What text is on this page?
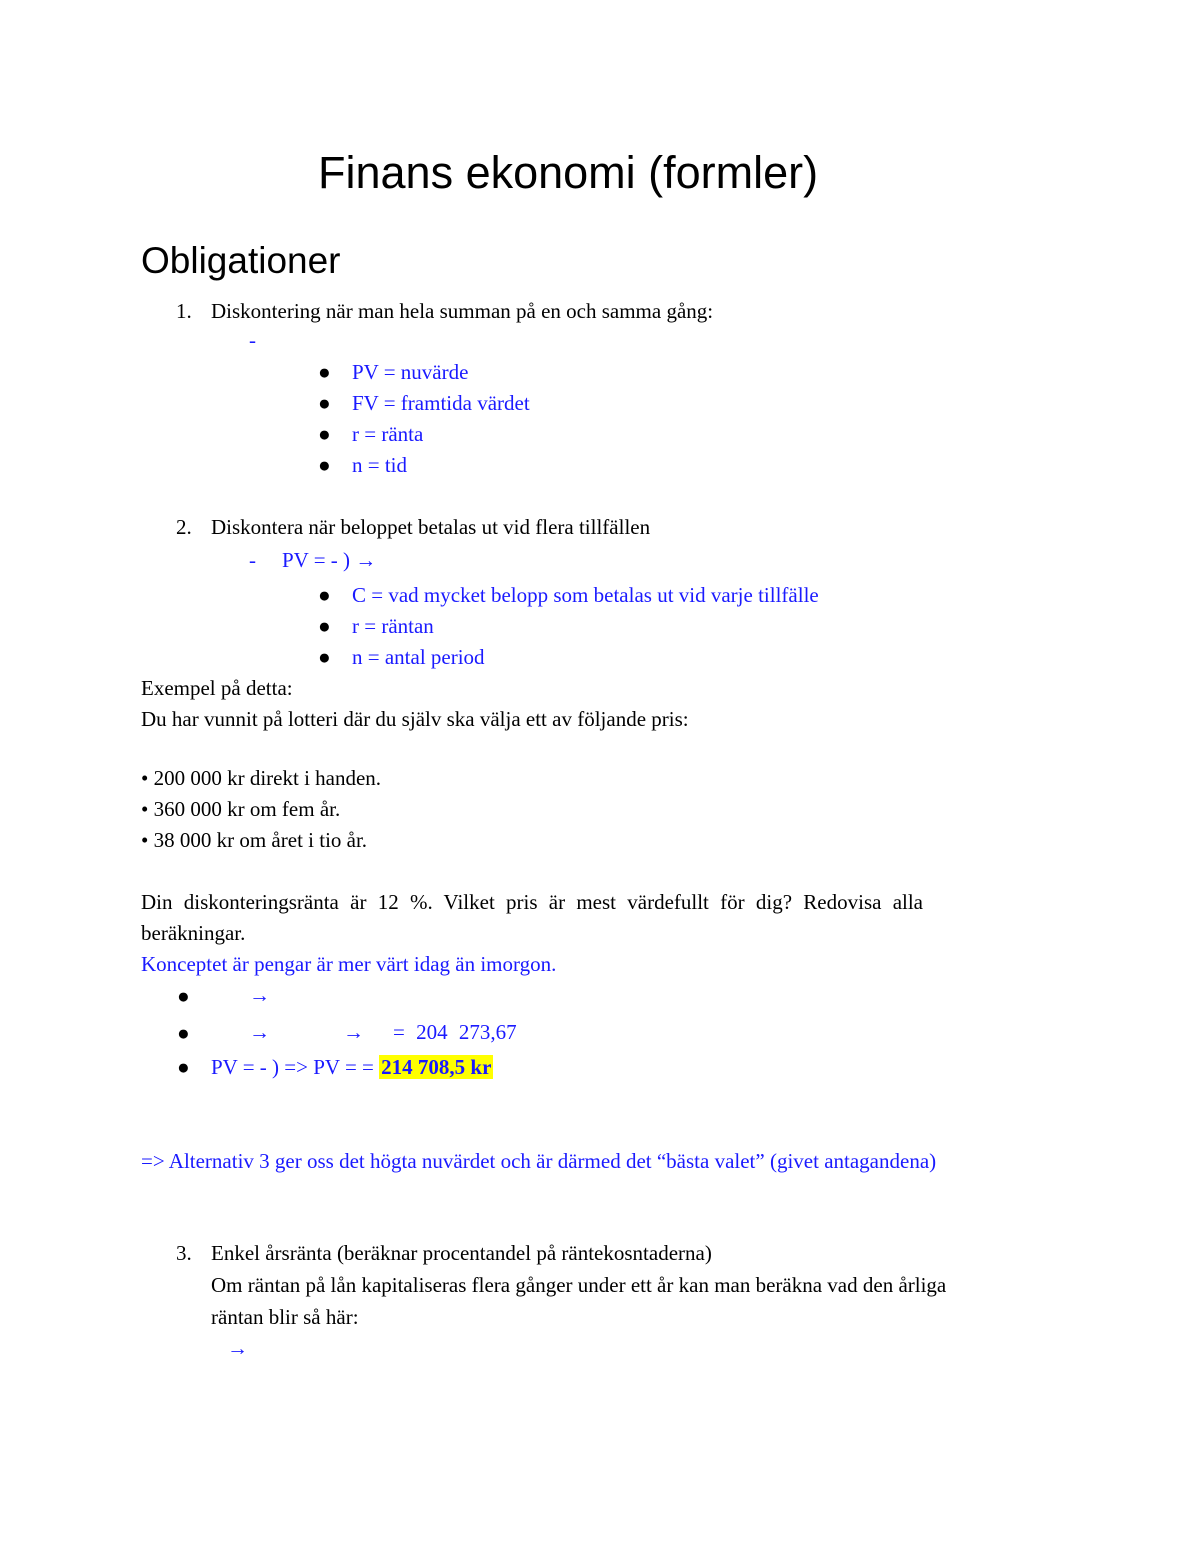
Finans ekonomi (formler)
Obligationer
1. Diskontering när man hela summan på en och samma gång:
-
● PV = nuvärde
● FV = framtida värdet
● r = ränta
● n = tid
2. Diskontera när beloppet betalas ut vid flera tillfällen
- PV = - ) →
● C = vad mycket belopp som betalas ut vid varje tillfälle
● r = räntan
● n = antal period
Exempel på detta:
Du har vunnit på lotteri där du själv ska välja ett av följande pris:
• 200 000 kr direkt i handen.
• 360 000 kr om fem år.
• 38 000 kr om året i tio år.
Din diskonteringsränta är 12 %. Vilket pris är mest värdefullt för dig? Redovisa alla
beräkningar.
Konceptet är pengar är mer värt idag än imorgon.
●	→
●	→	→ = 204 273,67
● PV = - ) => PV = = 214 708,5 kr
=> Alternativ 3 ger oss det högta nuvärdet och är därmed det “bästa valet” (givet antagandena)
3. Enkel årsränta (beräknar procentandel på räntekosntaderna)
Om räntan på lån kapitaliseras flera gånger under ett år kan man beräkna vad den årliga
räntan blir så här:
→
